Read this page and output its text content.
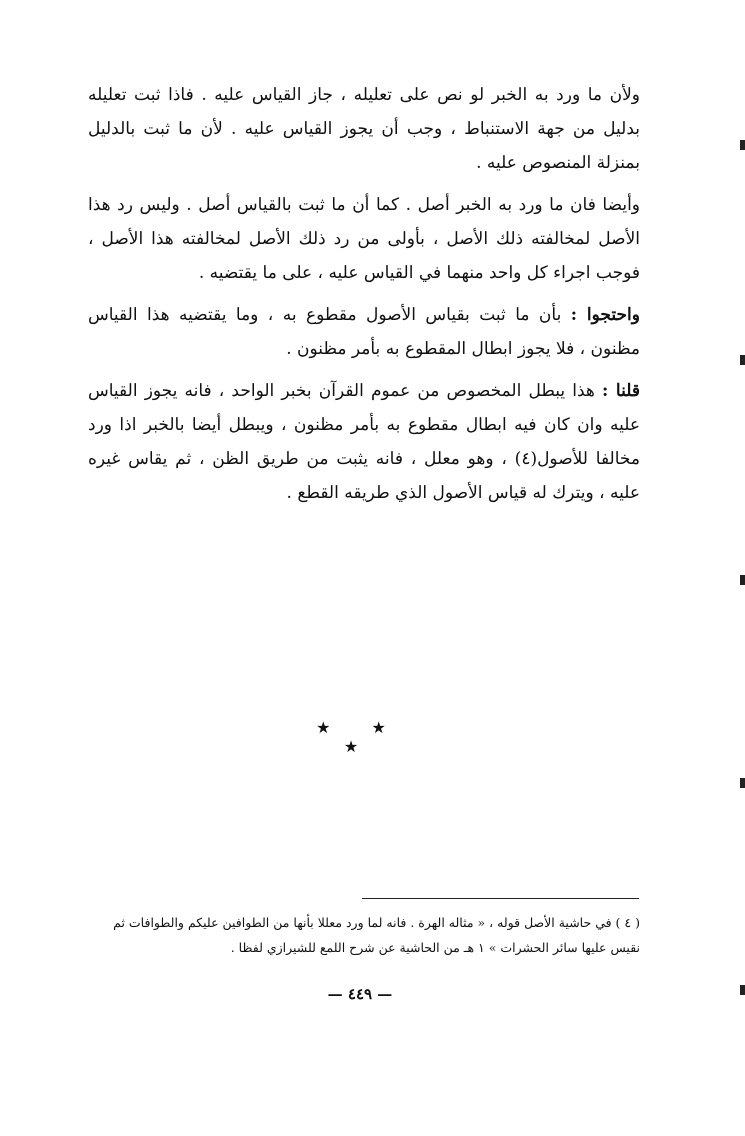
ولأن ما ورد به الخبر لو نص على تعليله ، جاز القياس عليه . فاذا ثبت تعليله بدليل من جهة الاستنباط ، وجب أن يجوز القياس عليه . لأن ما ثبت بالدليل بمنزلة المنصوص عليه .

وأيضا فان ما ورد به الخبر أصل . كما أن ما ثبت بالقياس أصل . وليس رد هذا الأصل لمخالفته ذلك الأصل ، بأولى من رد ذلك الأصل لمخالفته هذا الأصل ، فوجب اجراء كل واحد منهما في القياس عليه ، على ما يقتضيه .

واحتجوا : بأن ما ثبت بقياس الأصول مقطوع به ، وما يقتضيه هذا القياس مظنون ، فلا يجوز ابطال المقطوع به بأمر مظنون .

قلنا : هذا يبطل المخصوص من عموم القرآن بخبر الواحد ، فانه يجوز القياس عليه وان كان فيه ابطال مقطوع به بأمر مظنون ، ويبطل أيضا بالخبر اذا ورد مخالفا للأصول(٤) ، وهو معلل ، فانه يثبت من طريق الظن ، ثم يقاس غيره عليه ، ويترك له قياس الأصول الذي طريقه القطع .

★ ★ ★

( ٤ ) في حاشية الأصل قوله ، « مثاله الهرة . فانه لما ورد معللا بأنها من الطوافين عليكم والطوافات ثم

نقيس عليها سائر الحشرات » ١ هـ من الحاشية عن شرح اللمع للشيرازي لفظا .

— ٤٤٩ —
